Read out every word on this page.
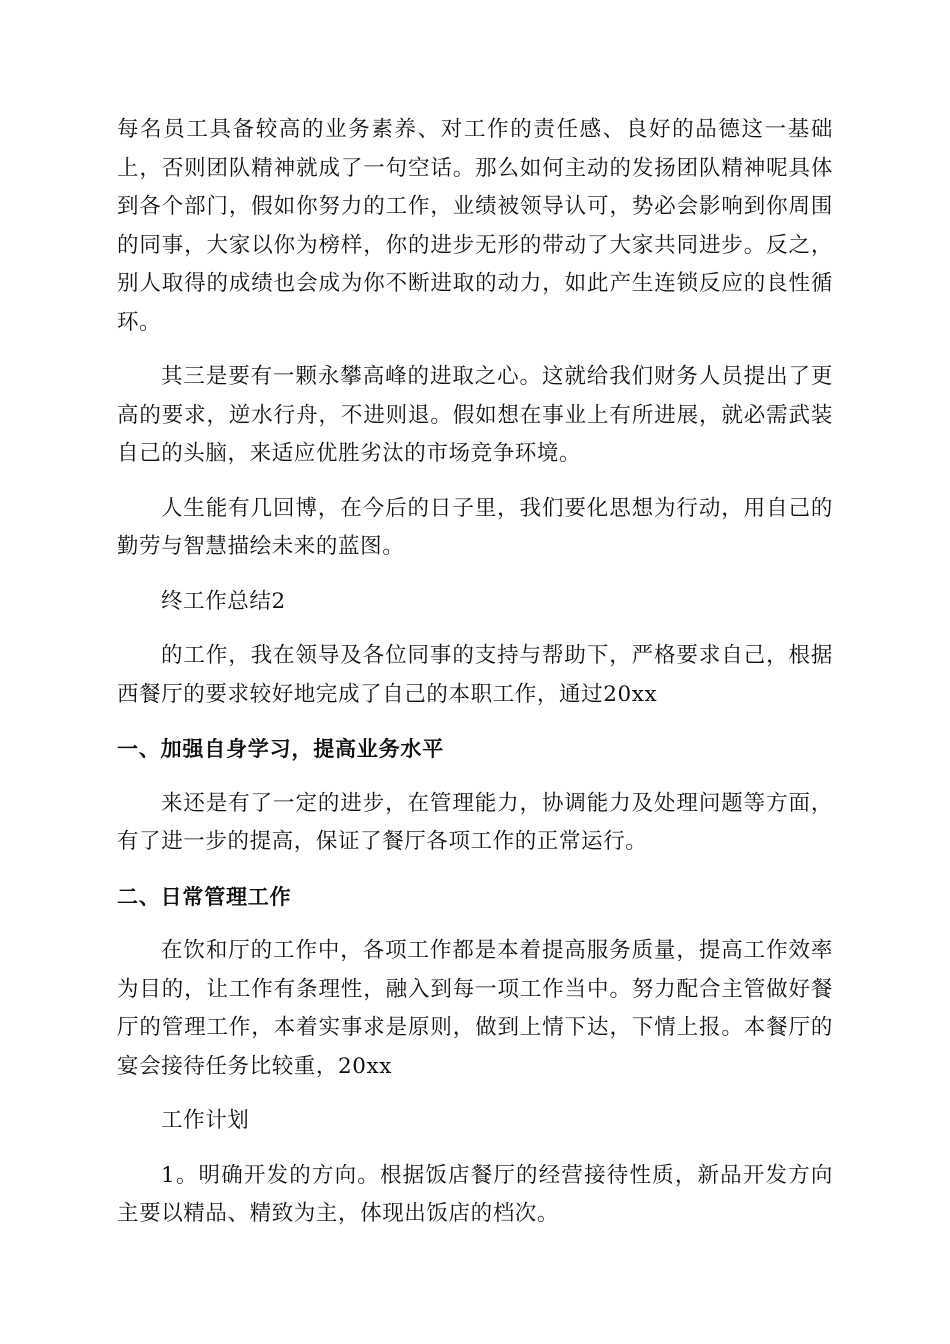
每名员工具备较高的业务素养、对工作的责任感、良好的品德这一基础上，否则团队精神就成了一句空话。那么如何主动的发扬团队精神呢具体到各个部门，假如你努力的工作，业绩被领导认可，势必会影响到你周围的同事，大家以你为榜样，你的进步无形的带动了大家共同进步。反之，别人取得的成绩也会成为你不断进取的动力，如此产生连锁反应的良性循环。

其三是要有一颗永攀高峰的进取之心。这就给我们财务人员提出了更高的要求，逆水行舟，不进则退。假如想在事业上有所进展，就必需武装自己的头脑，来适应优胜劣汰的市场竞争环境。

人生能有几回博，在今后的日子里，我们要化思想为行动，用自己的勤劳与智慧描绘未来的蓝图。

终工作总结2

的工作，我在领导及各位同事的支持与帮助下，严格要求自己，根据西餐厅的要求较好地完成了自己的本职工作，通过20xx

一、加强自身学习，提高业务水平

来还是有了一定的进步，在管理能力，协调能力及处理问题等方面，有了进一步的提高，保证了餐厅各项工作的正常运行。

二、日常管理工作

在饮和厅的工作中，各项工作都是本着提高服务质量，提高工作效率为目的，让工作有条理性，融入到每一项工作当中。努力配合主管做好餐厅的管理工作，本着实事求是原则，做到上情下达，下情上报。本餐厅的宴会接待任务比较重，20xx

工作计划

1。明确开发的方向。根据饭店餐厅的经营接待性质，新品开发方向主要以精品、精致为主，体现出饭店的档次。
